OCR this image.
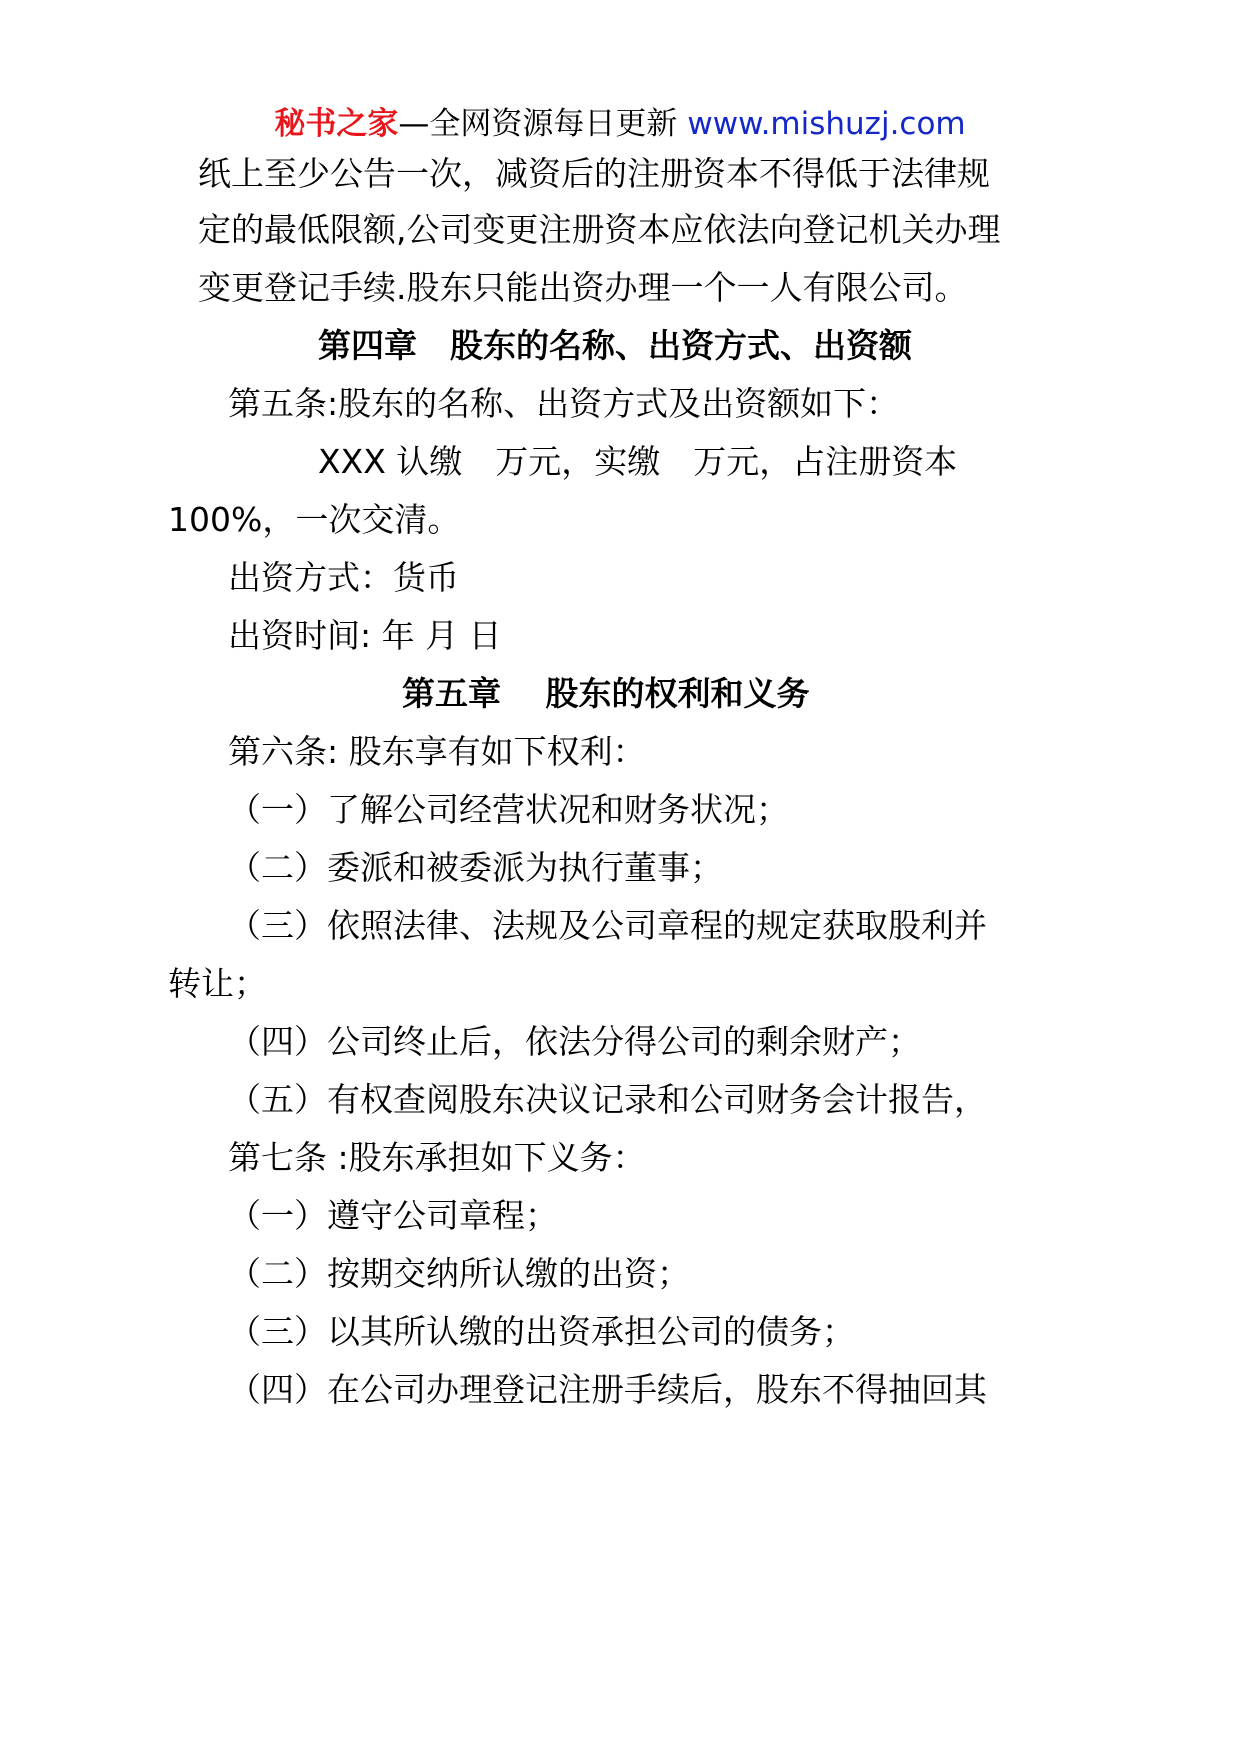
秘书之家—全网资源每日更新 www.mishuzj.com
纸上至少公告一次，减资后的注册资本不得低于法律规
定的最低限额,公司变更注册资本应依法向登记机关办理
变更登记手续.股东只能出资办理一个一人有限公司。
第四章　股东的名称、出资方式、出资额
第五条:股东的名称、出资方式及出资额如下：
XXX 认缴　万元，实缴　万元，占注册资本
100%，一次交清。
出资方式：货币
出资时间: 年 月 日
第五章　 股东的权利和义务
第六条: 股东享有如下权利：
（一）了解公司经营状况和财务状况；
（二）委派和被委派为执行董事；
（三）依照法律、法规及公司章程的规定获取股利并
转让；
（四）公司终止后，依法分得公司的剩余财产；
（五）有权查阅股东决议记录和公司财务会计报告，
第七条 :股东承担如下义务：
（一）遵守公司章程；
（二）按期交纳所认缴的出资；
（三）以其所认缴的出资承担公司的债务；
（四）在公司办理登记注册手续后，股东不得抽回其
